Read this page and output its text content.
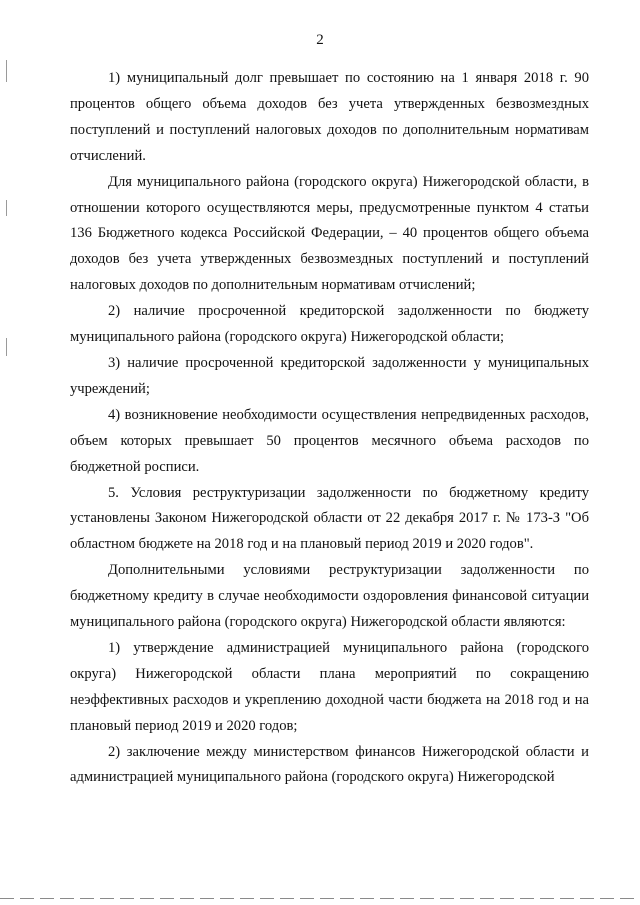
2

1) муниципальный долг превышает по состоянию на 1 января 2018 г. 90 процентов общего объема доходов без учета утвержденных безвозмездных поступлений и поступлений налоговых доходов по дополнительным нормативам отчислений.

Для муниципального района (городского округа) Нижегородской области, в отношении которого осуществляются меры, предусмотренные пунктом 4 статьи 136 Бюджетного кодекса Российской Федерации, – 40 процентов общего объема доходов без учета утвержденных безвозмездных поступлений и поступлений налоговых доходов по дополнительным нормативам отчислений;

2) наличие просроченной кредиторской задолженности по бюджету муниципального района (городского округа) Нижегородской области;

3) наличие просроченной кредиторской задолженности у муниципальных учреждений;

4) возникновение необходимости осуществления непредвиденных расходов, объем которых превышает 50 процентов месячного объема расходов по бюджетной росписи.

5. Условия реструктуризации задолженности по бюджетному кредиту установлены Законом Нижегородской области от 22 декабря 2017 г. № 173-З "Об областном бюджете на 2018 год и на плановый период 2019 и 2020 годов".

Дополнительными условиями реструктуризации задолженности по бюджетному кредиту в случае необходимости оздоровления финансовой ситуации муниципального района (городского округа) Нижегородской области являются:

1) утверждение администрацией муниципального района (городского округа) Нижегородской области плана мероприятий по сокращению неэффективных расходов и укреплению доходной части бюджета на 2018 год и на плановый период 2019 и 2020 годов;

2) заключение между министерством финансов Нижегородской области и администрацией муниципального района (городского округа) Нижегородской
